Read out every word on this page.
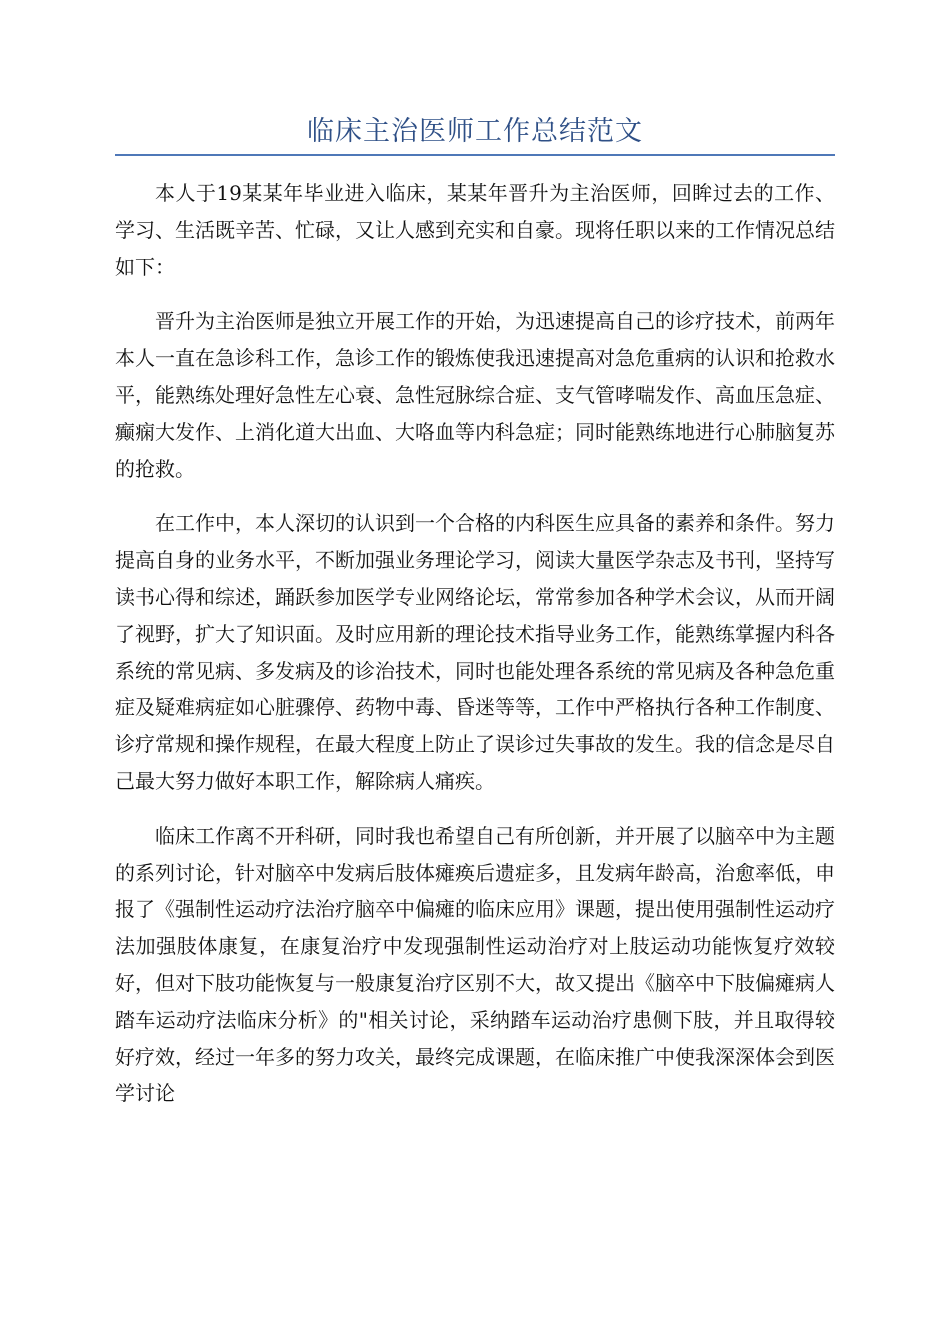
临床主治医师工作总结范文

本人于19某某年毕业进入临床，某某年晋升为主治医师，回眸过去的工作、学习、生活既辛苦、忙碌，又让人感到充实和自豪。现将任职以来的工作情况总结如下：

晋升为主治医师是独立开展工作的开始，为迅速提高自己的诊疗技术，前两年本人一直在急诊科工作，急诊工作的锻炼使我迅速提高对急危重病的认识和抢救水平，能熟练处理好急性左心衰、急性冠脉综合症、支气管哮喘发作、高血压急症、癫痫大发作、上消化道大出血、大咯血等内科急症；同时能熟练地进行心肺脑复苏的抢救。

在工作中，本人深切的认识到一个合格的内科医生应具备的素养和条件。努力提高自身的业务水平，不断加强业务理论学习，阅读大量医学杂志及书刊，坚持写读书心得和综述，踊跃参加医学专业网络论坛，常常参加各种学术会议，从而开阔了视野，扩大了知识面。及时应用新的理论技术指导业务工作，能熟练掌握内科各系统的常见病、多发病及的诊治技术，同时也能处理各系统的常见病及各种急危重症及疑难病症如心脏骤停、药物中毒、昏迷等等，工作中严格执行各种工作制度、诊疗常规和操作规程，在最大程度上防止了误诊过失事故的发生。我的信念是尽自己最大努力做好本职工作，解除病人痛疾。

临床工作离不开科研，同时我也希望自己有所创新，并开展了以脑卒中为主题的系列讨论，针对脑卒中发病后肢体瘫痪后遗症多，且发病年龄高，治愈率低，申报了《强制性运动疗法治疗脑卒中偏瘫的临床应用》课题，提出使用强制性运动疗法加强肢体康复，在康复治疗中发现强制性运动治疗对上肢运动功能恢复疗效较好，但对下肢功能恢复与一般康复治疗区别不大，故又提出《脑卒中下肢偏瘫病人踏车运动疗法临床分析》的"相关讨论，采纳踏车运动治疗患侧下肢，并且取得较好疗效，经过一年多的努力攻关，最终完成课题，在临床推广中使我深深体会到医学讨论
